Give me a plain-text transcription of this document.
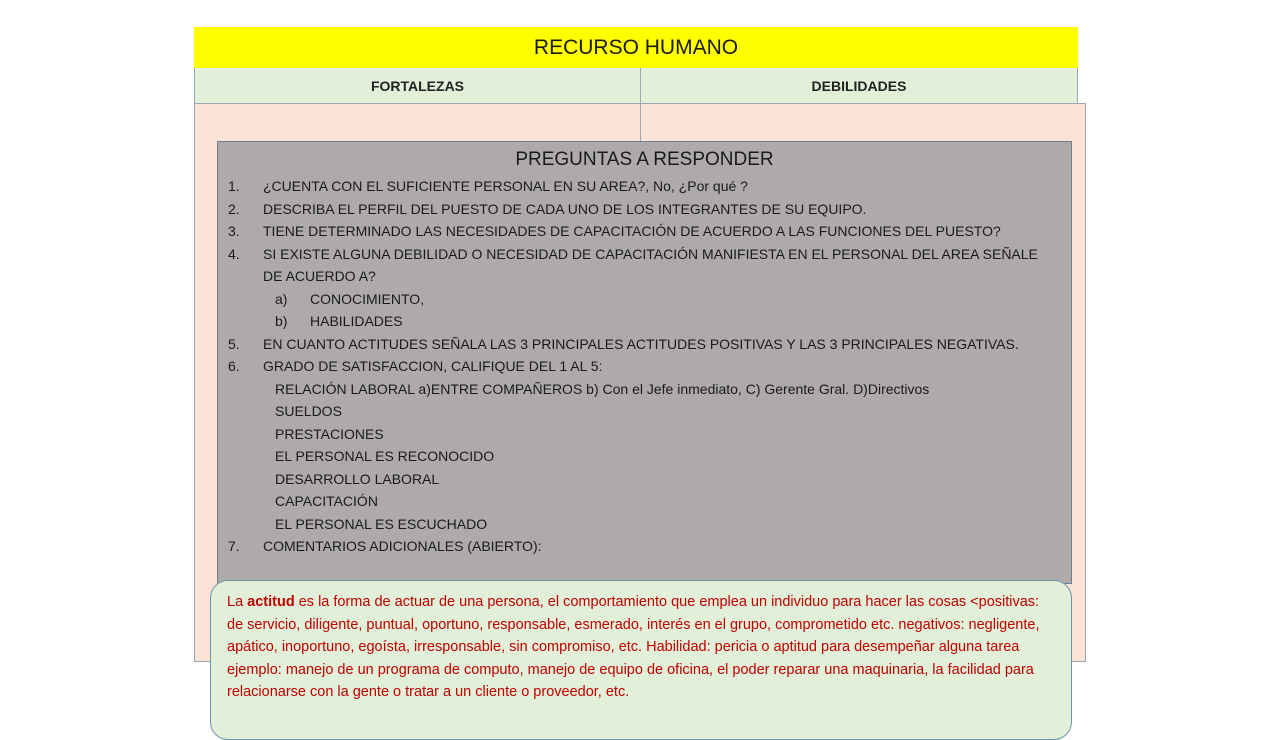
RECURSO HUMANO
FORTALEZAS	DEBILIDADES
PREGUNTAS A RESPONDER
1.	¿CUENTA CON EL SUFICIENTE PERSONAL EN SU AREA?, No, ¿Por qué ?
2.	DESCRIBA EL PERFIL DEL PUESTO DE CADA UNO DE LOS INTEGRANTES DE SU EQUIPO.
3.	TIENE DETERMINADO LAS NECESIDADES DE CAPACITACIÓN DE ACUERDO A LAS FUNCIONES DEL PUESTO?
4.	SI EXISTE ALGUNA DEBILIDAD O NECESIDAD DE CAPACITACIÓN MANIFIESTA EN EL PERSONAL DEL AREA SEÑALE DE ACUERDO A?
a)	CONOCIMIENTO,
b)	HABILIDADES
5.	EN CUANTO ACTITUDES SEÑALA LAS 3 PRINCIPALES ACTITUDES POSITIVAS Y LAS 3 PRINCIPALES NEGATIVAS.
6.	GRADO DE SATISFACCION, CALIFIQUE DEL 1 AL 5:
RELACIÓN LABORAL a)ENTRE COMPAÑEROS b) Con el Jefe inmediato, C) Gerente Gral. D)Directivos
SUELDOS
PRESTACIONES
EL PERSONAL ES RECONOCIDO
DESARROLLO LABORAL
CAPACITACIÓN
EL PERSONAL ES ESCUCHADO
7.	COMENTARIOS ADICIONALES (ABIERTO):
La actitud es la forma de actuar de una persona, el comportamiento que emplea un individuo para hacer las cosas <positivas: de servicio, diligente, puntual, oportuno, responsable, esmerado, interés en el grupo, comprometido etc. negativos: negligente, apático, inoportuno, egoísta, irresponsable, sin compromiso, etc. Habilidad: pericia o aptitud para desempeñar alguna tarea ejemplo: manejo de un programa de computo, manejo de equipo de oficina, el poder reparar una maquinaria, la facilidad para relacionarse con la gente o tratar a un cliente o proveedor, etc.
